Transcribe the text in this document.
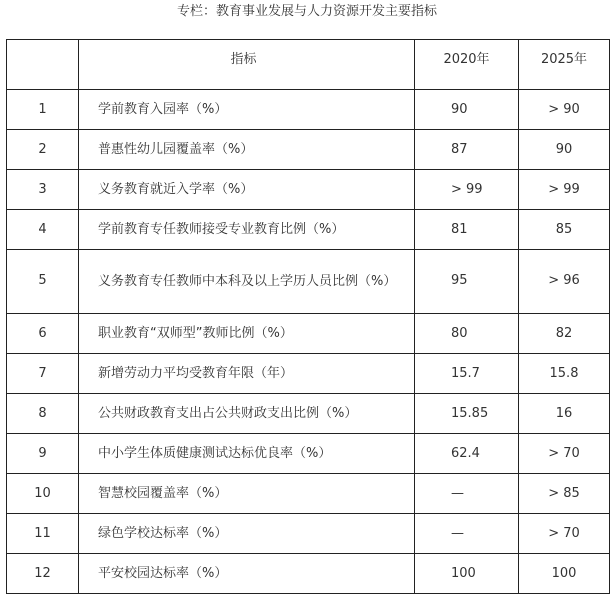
专栏：教育事业发展与人力资源开发主要指标
	指标	2020年	2025年
1	学前教育入园率（%）	90	> 90
2	普惠性幼儿园覆盖率（%）	87	90
3	义务教育就近入学率（%）	> 99	> 99
4	学前教育专任教师接受专业教育比例（%）	81	85
5	义务教育专任教师中本科及以上学历人员比例（%）	95	> 96
6	职业教育“双师型”教师比例（%）	80	82
7	新增劳动力平均受教育年限（年）	15.7	15.8
8	公共财政教育支出占公共财政支出比例（%）	15.85	16
9	中小学生体质健康测试达标优良率（%）	62.4	> 70
10	智慧校园覆盖率（%）	—	> 85
11	绿色学校达标率（%）	—	> 70
12	平安校园达标率（%）	100	100
